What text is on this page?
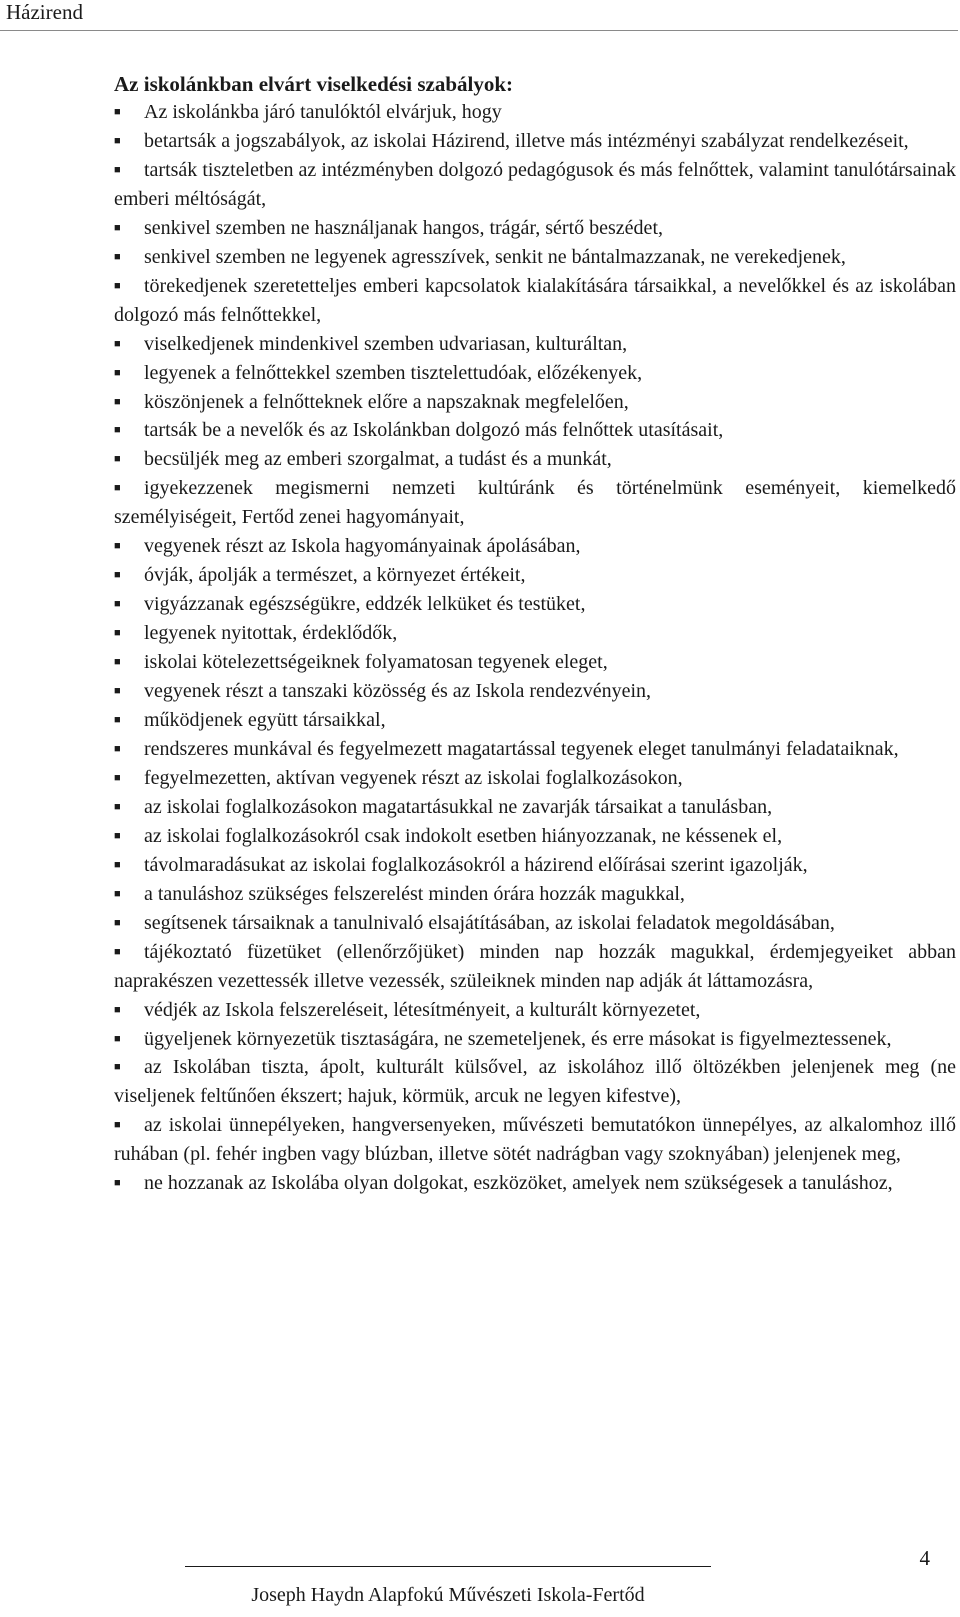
Házirend
Az iskolánkban elvárt viselkedési szabályok:
■ Az iskolánkba járó tanulóktól elvárjuk, hogy
■ betartsák a jogszabályok, az iskolai Házirend, illetve más intézményi szabályzat rendelkezéseit,
■ tartsák tiszteletben az intézményben dolgozó pedagógusok és más felnőttek, valamint tanulótársainak emberi méltóságát,
■ senkivel szemben ne használjanak hangos, trágár, sértő beszédet,
■ senkivel szemben ne legyenek agresszívek, senkit ne bántalmazzanak, ne verekedjenek,
■ törekedjenek szeretetteljes emberi kapcsolatok kialakítására társaikkal, a nevelőkkel és az iskolában dolgozó más felnőttekkel,
■ viselkedjenek mindenkivel szemben udvariasan, kulturáltan,
■ legyenek a felnőttekkel szemben tisztelettudóak, előzékenyek,
■ köszönjenek a felnőtteknek előre a napszaknak megfelelően,
■ tartsák be a nevelők és az Iskolánkban dolgozó más felnőttek utasításait,
■ becsüljék meg az emberi szorgalmat, a tudást és a munkát,
■ igyekezzenek megismerni nemzeti kultúránk és történelmünk eseményeit, kiemelkedő személyiségeit, Fertőd zenei hagyományait,
■ vegyenek részt az Iskola hagyományainak ápolásában,
■ óvják, ápolják a természet, a környezet értékeit,
■ vigyázzanak egészségükre, eddzék lelküket és testüket,
■ legyenek nyitottak, érdeklődők,
■ iskolai kötelezettségeiknek folyamatosan tegyenek eleget,
■ vegyenek részt a tanszaki közösség és az Iskola rendezvényein,
■ működjenek együtt társaikkal,
■ rendszeres munkával és fegyelmezett magatartással tegyenek eleget tanulmányi feladataiknak,
■ fegyelmezetten, aktívan vegyenek részt az iskolai foglalkozásokon,
■ az iskolai foglalkozásokon magatartásukkal ne zavarják társaikat a tanulásban,
■ az iskolai foglalkozásokról csak indokolt esetben hiányozzanak, ne késsenek el,
■ távolmaradásukat az iskolai foglalkozásokról a házirend előírásai szerint igazolják,
■ a tanuláshoz szükséges felszerelést minden órára hozzák magukkal,
■ segítsenek társaiknak a tanulnivaló elsajátításában, az iskolai feladatok megoldásában,
■ tájékoztató füzetüket (ellenőrzőjüket) minden nap hozzák magukkal, érdemjegyeiket abban naprakészen vezettessék illetve vezessék, szüleiknek minden nap adják át láttamozásra,
■ védjék az Iskola felszereléseit, létesítményeit, a kulturált környezetet,
■ ügyeljenek környezetük tisztaságára, ne szemeteljenek, és erre másokat is figyelmeztessenek,
■ az Iskolában tiszta, ápolt, kulturált külsővel, az iskolához illő öltözékben jelenjenek meg (ne viseljenek feltűnően ékszert; hajuk, körmük, arcuk ne legyen kifestve),
■ az iskolai ünnepélyeken, hangversenyeken, művészeti bemutatókon ünnepélyes, az alkalomhoz illő ruhában (pl. fehér ingben vagy blúzban, illetve sötét nadrágban vagy szoknyában) jelenjenek meg,
■ ne hozzanak az Iskolába olyan dolgokat, eszközöket, amelyek nem szükségesek a tanuláshoz,
Joseph Haydn Alapfokú Művészeti Iskola-Fertőd
4
